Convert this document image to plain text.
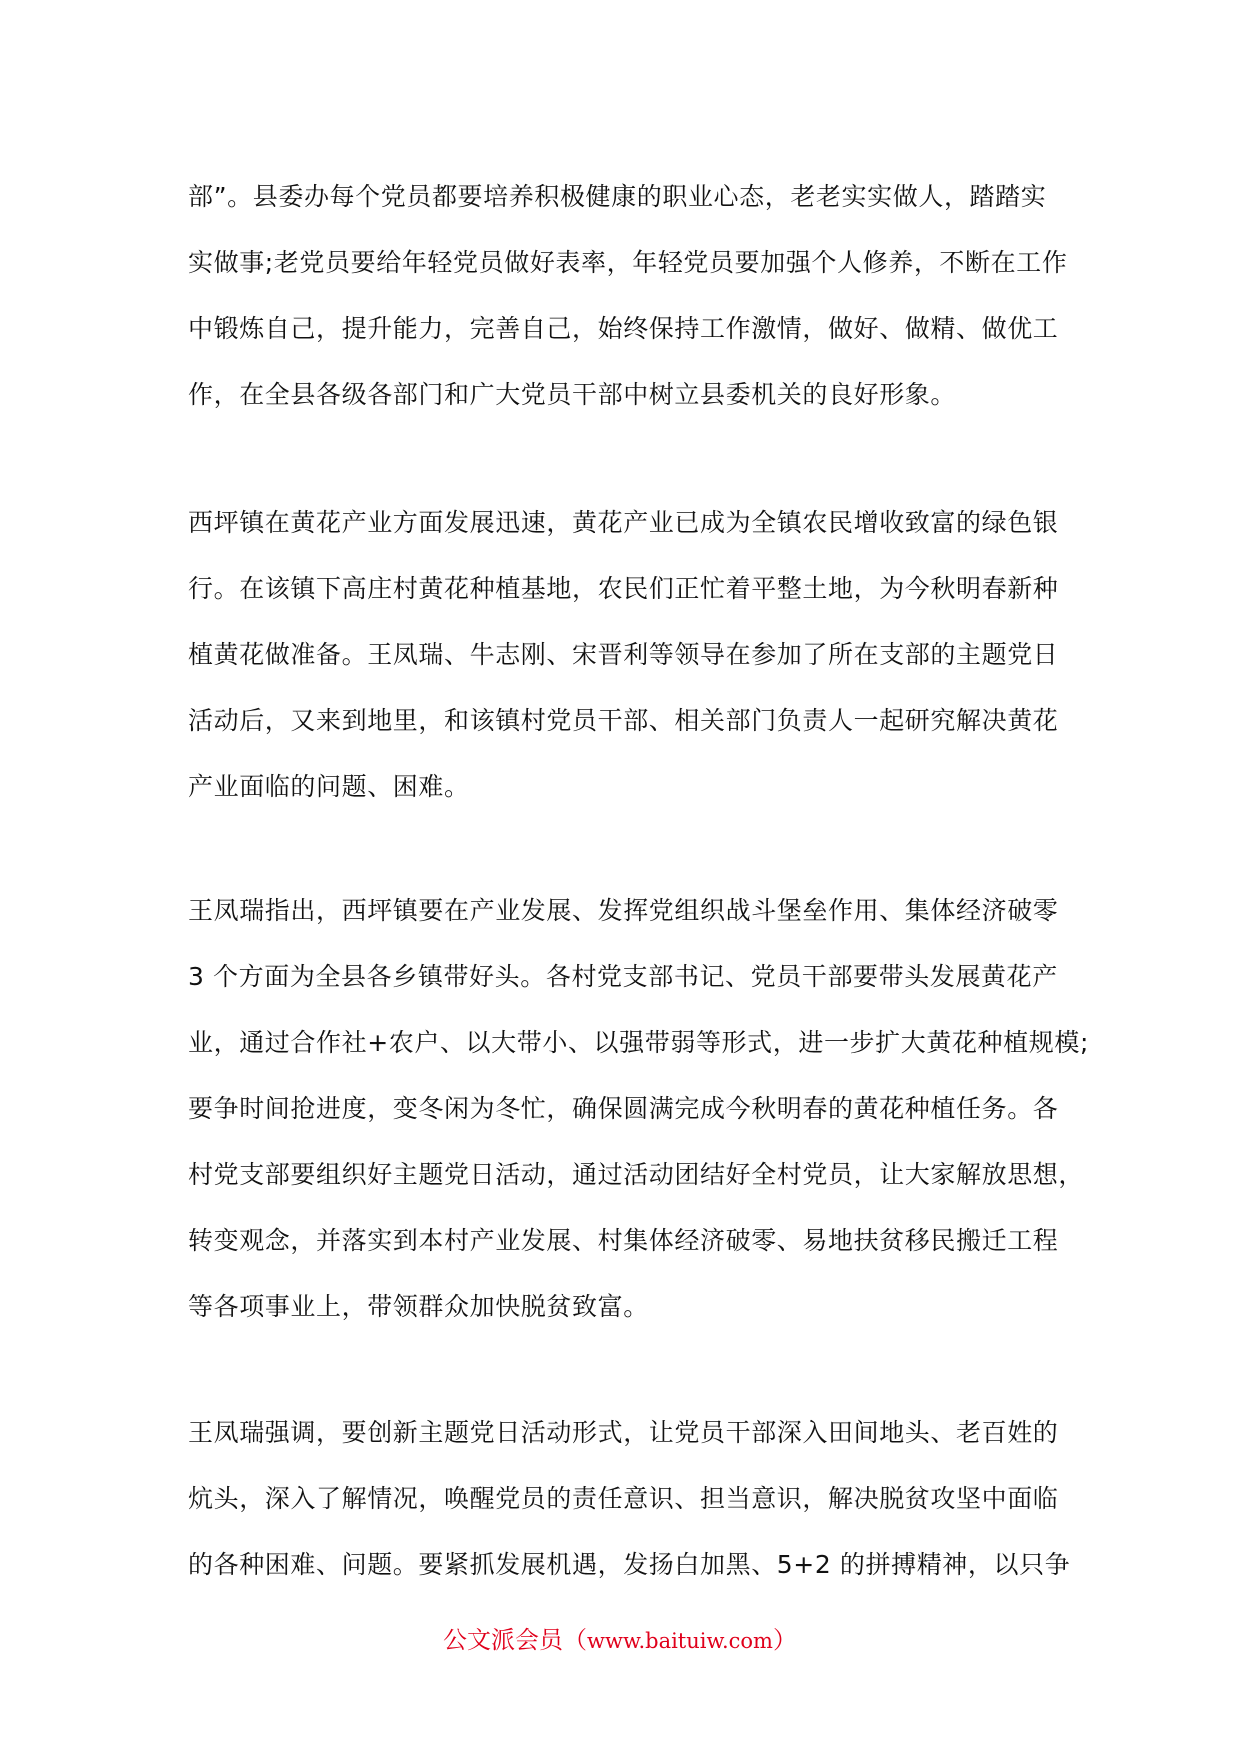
部”。县委办每个党员都要培养积极健康的职业心态，老老实实做人，踏踏实
实做事;老党员要给年轻党员做好表率，年轻党员要加强个人修养，不断在工作
中锻炼自己，提升能力，完善自己，始终保持工作激情，做好、做精、做优工
作，在全县各级各部门和广大党员干部中树立县委机关的良好形象。
西坪镇在黄花产业方面发展迅速，黄花产业已成为全镇农民增收致富的绿色银
行。在该镇下高庄村黄花种植基地，农民们正忙着平整土地，为今秋明春新种
植黄花做准备。王凤瑞、牛志刚、宋晋利等领导在参加了所在支部的主题党日
活动后，又来到地里，和该镇村党员干部、相关部门负责人一起研究解决黄花
产业面临的问题、困难。
王凤瑞指出，西坪镇要在产业发展、发挥党组织战斗堡垒作用、集体经济破零
3 个方面为全县各乡镇带好头。各村党支部书记、党员干部要带头发展黄花产
业，通过合作社+农户、以大带小、以强带弱等形式，进一步扩大黄花种植规模;
要争时间抢进度，变冬闲为冬忙，确保圆满完成今秋明春的黄花种植任务。各
村党支部要组织好主题党日活动，通过活动团结好全村党员，让大家解放思想，
转变观念，并落实到本村产业发展、村集体经济破零、易地扶贫移民搬迁工程
等各项事业上，带领群众加快脱贫致富。
王凤瑞强调，要创新主题党日活动形式，让党员干部深入田间地头、老百姓的
炕头，深入了解情况，唤醒党员的责任意识、担当意识，解决脱贫攻坚中面临
的各种困难、问题。要紧抓发展机遇，发扬白加黑、5+2 的拼搏精神，以只争
公文派会员（www.baituiw.com）
